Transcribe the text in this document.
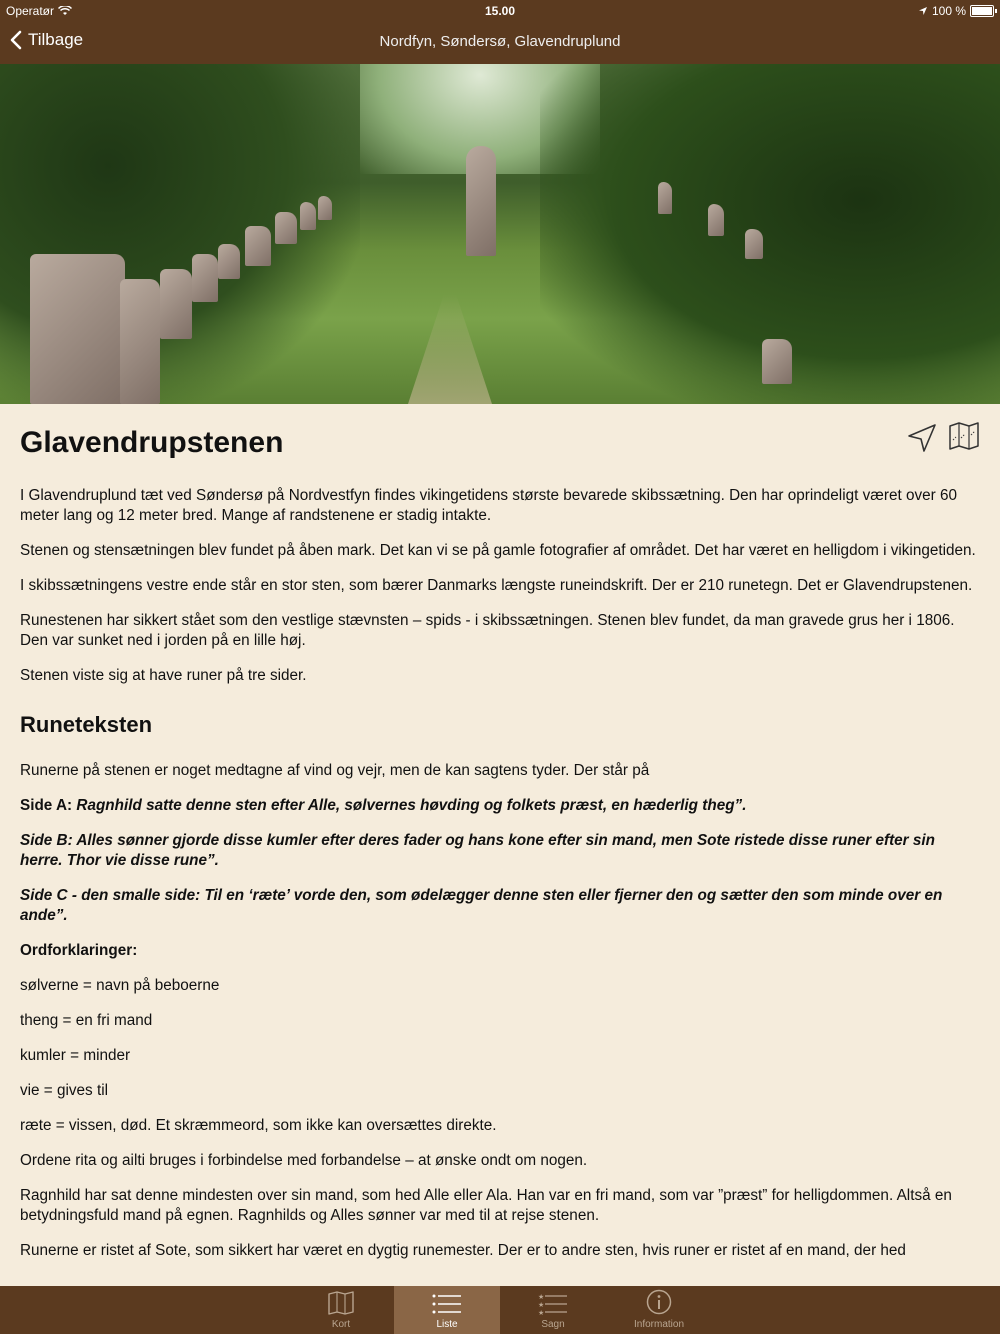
Operatør	15.00	100 %
Tilbage	Nordfyn, Søndersø, Glavendruplund
Glavendrupstenen

I Glavendruplund tæt ved Søndersø på Nordvestfyn findes vikingetidens største bevarede skibssætning. Den har oprindeligt været over 60 meter lang og 12 meter bred. Mange af randstenene er stadig intakte.

Stenen og stensætningen blev fundet på åben mark. Det kan vi se på gamle fotografier af området. Det har været en helligdom i vikingetiden.

I skibssætningens vestre ende står en stor sten, som bærer Danmarks længste runeindskrift. Der er 210 runetegn. Det er Glavendrupstenen.

Runestenen har sikkert stået som den vestlige stævnsten – spids - i skibssætningen. Stenen blev fundet, da man gravede grus her i 1806. Den var sunket ned i jorden på en lille høj.

Stenen viste sig at have runer på tre sider.

Runeteksten

Runerne på stenen er noget medtagne af vind og vejr, men de kan sagtens tyder. Der står på

Side A: Ragnhild satte denne sten efter Alle, sølvernes høvding og folkets præst, en hæderlig theg”.

Side B: Alles sønner gjorde disse kumler efter deres fader og hans kone efter sin mand, men Sote ristede disse runer efter sin herre. Thor vie disse rune”.

Side C - den smalle side: Til en ‘ræte’ vorde den, som ødelægger denne sten eller fjerner den og sætter den som minde over en ande”.

Ordforklaringer:

sølverne = navn på beboerne

theng = en fri mand

kumler = minder

vie = gives til

ræte = vissen, død. Et skræmmeord, som ikke kan oversættes direkte.

Ordene rita og ailti bruges i forbindelse med forbandelse – at ønske ondt om nogen.

Ragnhild har sat denne mindesten over sin mand, som hed Alle eller Ala. Han var en fri mand, som var ”præst” for helligdommen. Altså en betydningsfuld mand på egnen. Ragnhilds og Alles sønner var med til at rejse stenen.

Runerne er ristet af Sote, som sikkert har været en dygtig runemester. Der er to andre sten, hvis runer er ristet af en mand, der hed

Kort	Liste
★
★
★
Sagn	Information
